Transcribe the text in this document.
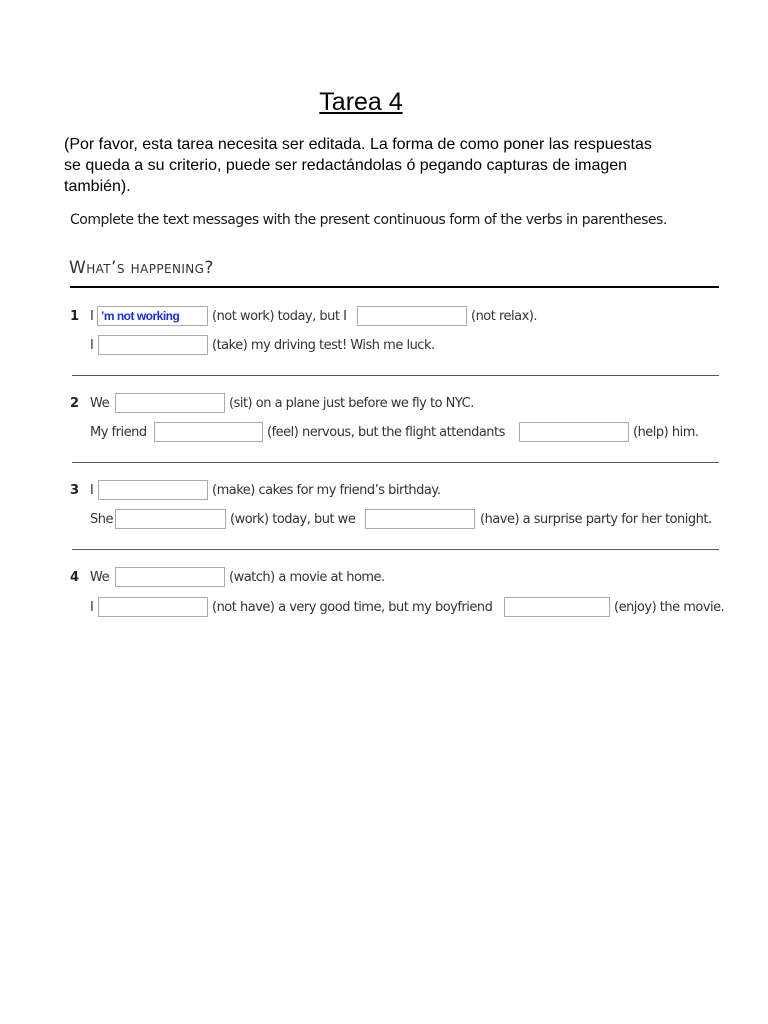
Tarea 4
(Por favor, esta tarea necesita ser editada. La forma de como poner las respuestas se queda a su criterio, puede ser redactándolas ó pegando capturas de imagen también).
Complete the text messages with the present continuous form of the verbs in parentheses.
What’s happening?
1 I ’m not working	(not work) today, but I	(not relax).
I	(take) my driving test! Wish me luck.
2 We	(sit) on a plane just before we fly to NYC.
My friend	(feel) nervous, but the flight attendants	(help) him.
3 I	(make) cakes for my friend’s birthday.
She	(work) today, but we	(have) a surprise party for her tonight.
4 We	(watch) a movie at home.
I	(not have) a very good time, but my boyfriend	(enjoy) the movie.
